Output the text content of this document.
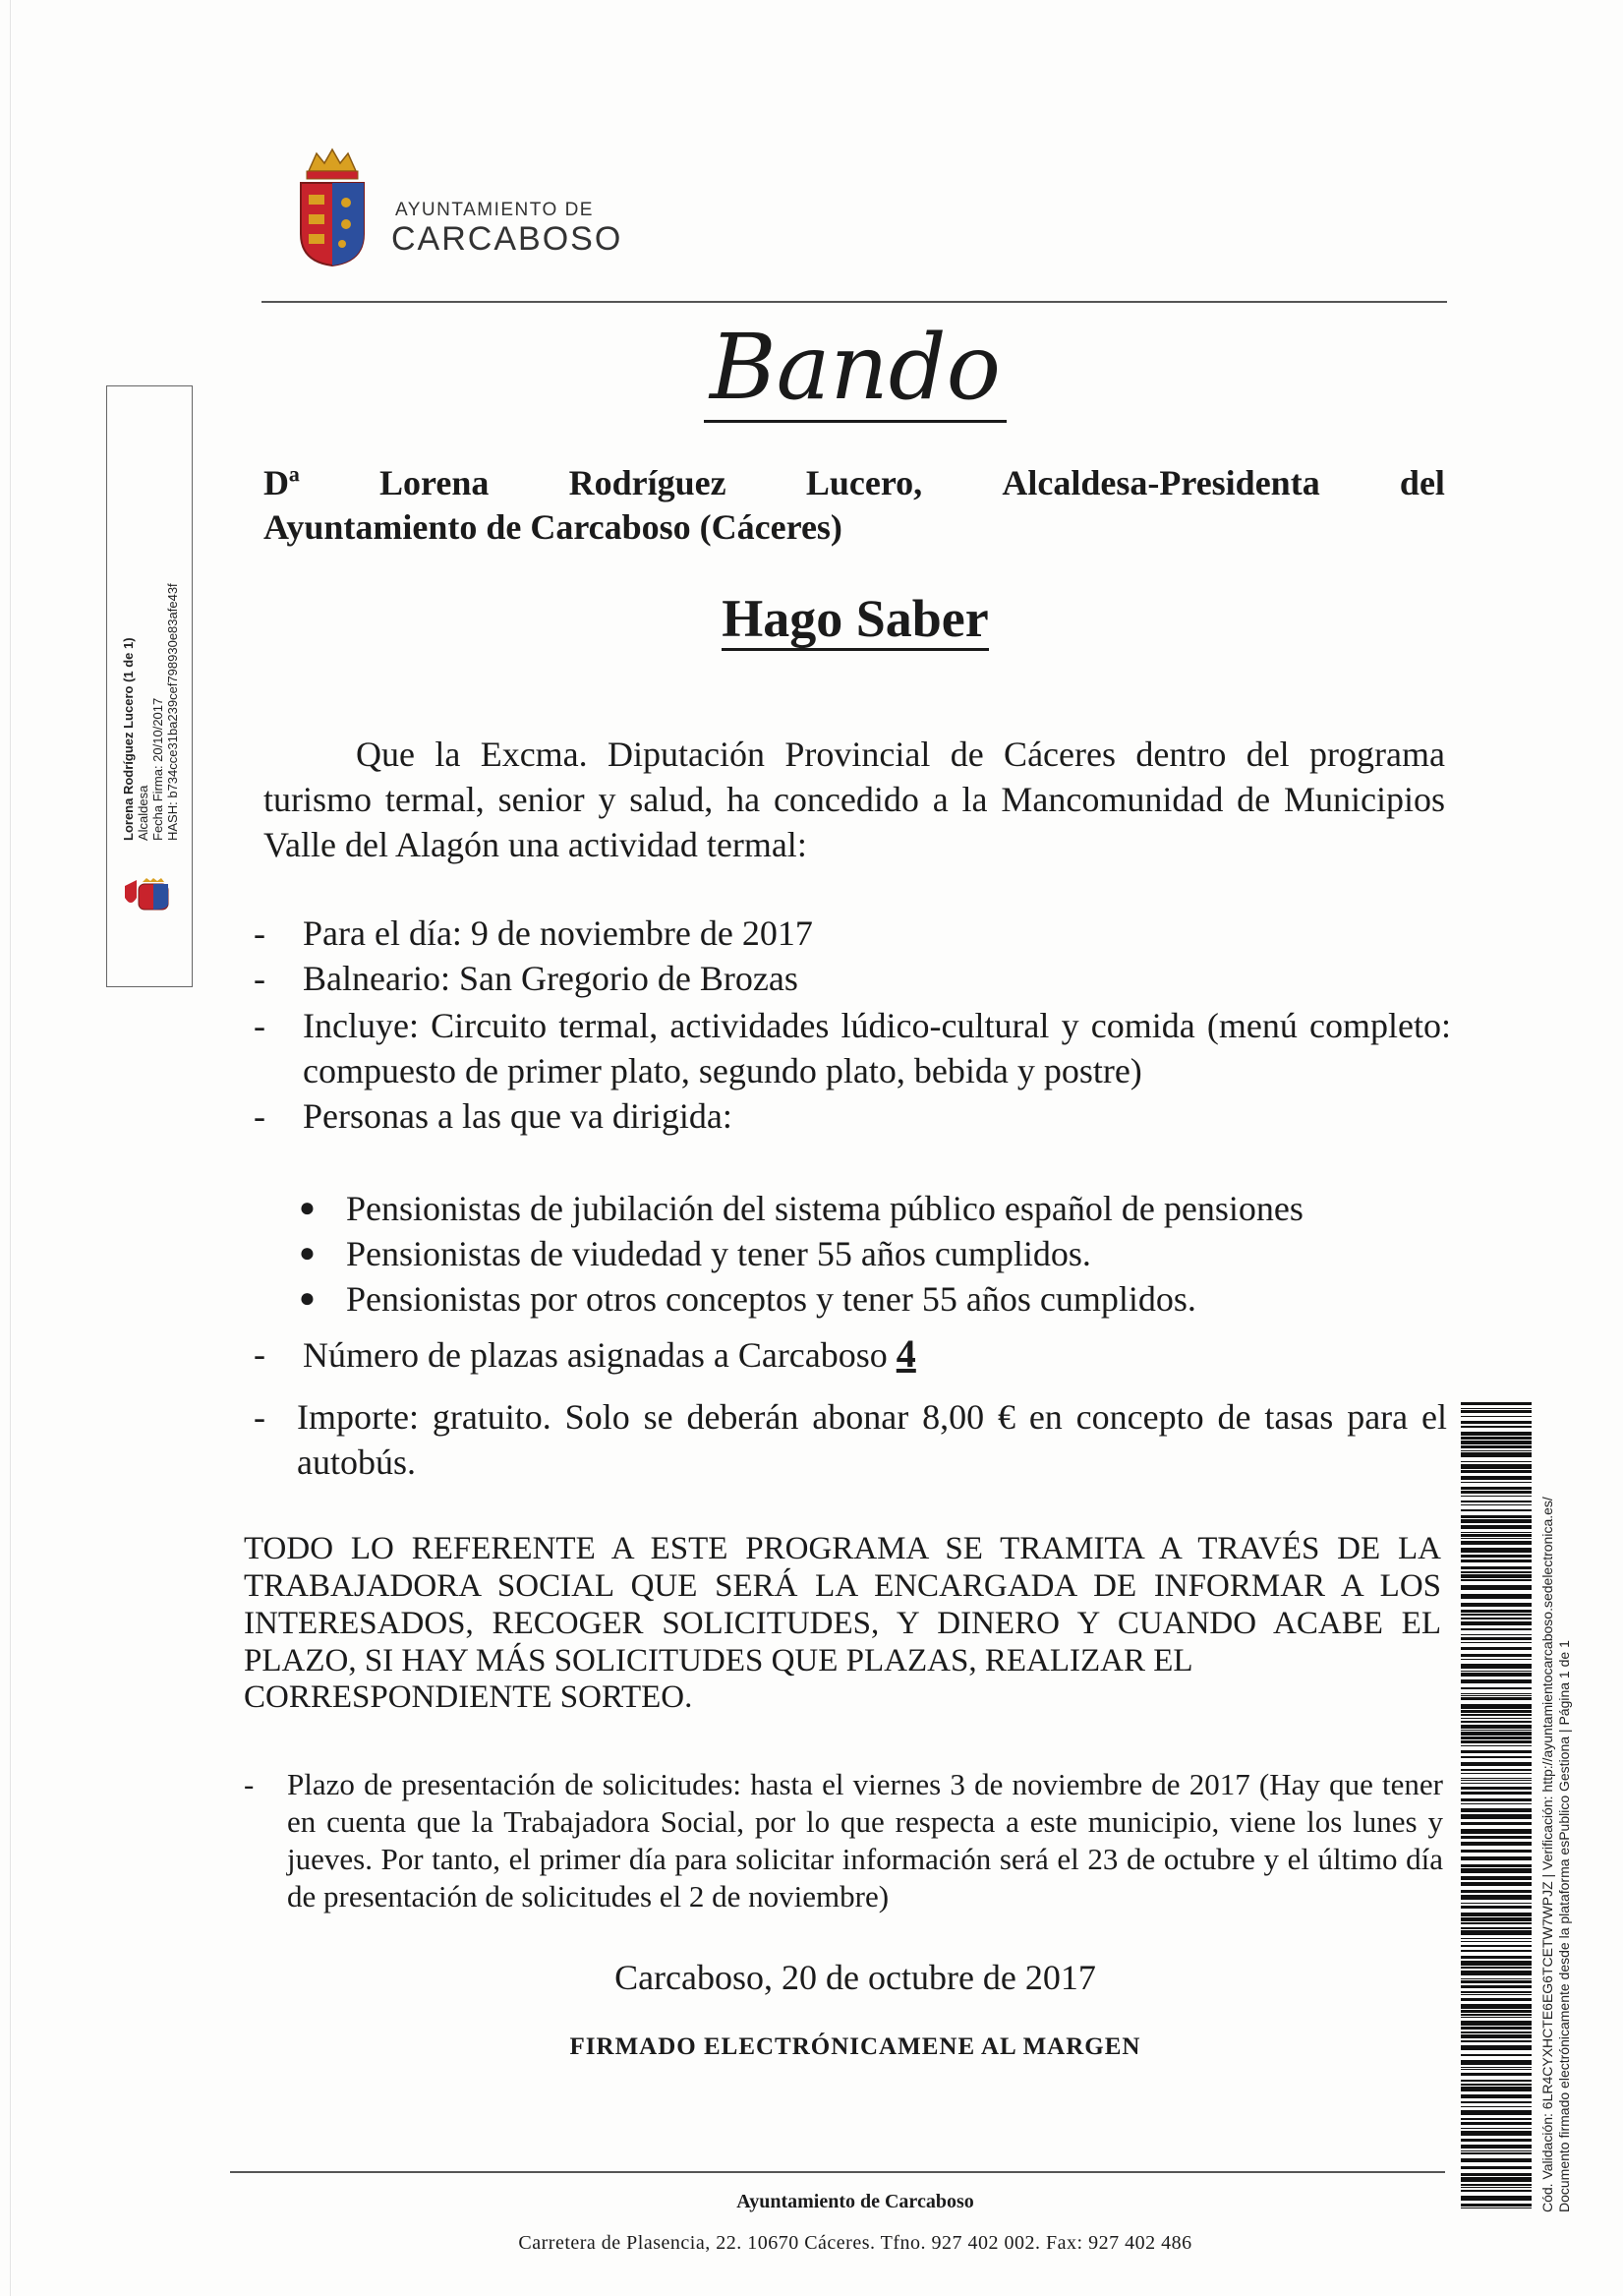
AYUNTAMIENTO DE
CARCABOSO
Bando
Dª Lorena Rodríguez Lucero, Alcaldesa-Presidenta del
Ayuntamiento de Carcaboso (Cáceres)
Hago Saber
Que la Excma. Diputación Provincial de Cáceres dentro del programa turismo termal, senior y salud, ha concedido a la Mancomunidad de Municipios Valle del Alagón una actividad termal:
- Para el día: 9 de noviembre de 2017
- Balneario: San Gregorio de Brozas
- Incluye: Circuito termal, actividades lúdico-cultural y comida (menú completo: compuesto de primer plato, segundo plato, bebida y postre)
- Personas a las que va dirigida:
● Pensionistas de jubilación del sistema público español de pensiones
● Pensionistas de viudedad y tener 55 años cumplidos.
● Pensionistas por otros conceptos y tener 55 años cumplidos.
- Número de plazas asignadas a Carcaboso 4
- Importe: gratuito. Solo se deberán abonar 8,00 € en concepto de tasas para el autobús.
TODO LO REFERENTE A ESTE PROGRAMA SE TRAMITA A TRAVÉS DE LA TRABAJADORA SOCIAL QUE SERÁ LA ENCARGADA DE INFORMAR A LOS INTERESADOS, RECOGER SOLICITUDES, Y DINERO Y CUANDO ACABE EL PLAZO, SI HAY MÁS SOLICITUDES QUE PLAZAS, REALIZAR EL
CORRESPONDIENTE SORTEO.
- Plazo de presentación de solicitudes: hasta el viernes 3 de noviembre de 2017 (Hay que tener en cuenta que la Trabajadora Social, por lo que respecta a este municipio, viene los lunes y jueves. Por tanto, el primer día para solicitar información será el 23 de octubre y el último día de presentación de solicitudes el 2 de noviembre)
Carcaboso, 20 de octubre de 2017
FIRMADO ELECTRÓNICAMENE AL MARGEN
Ayuntamiento de Carcaboso
Carretera de Plasencia, 22. 10670 Cáceres. Tfno. 927 402 002. Fax: 927 402 486
Lorena Rodríguez Lucero (1 de 1) Alcaldesa Fecha Firma: 20/10/2017 HASH: b734cce31ba239cef798930e83afe43f
Cód. Validación: 6LR4CYXHCTE6EG6TCETW7WPJZ | Verificación: http://ayuntamientocarcaboso.sedelectronica.es/ Documento firmado electrónicamente desde la plataforma esPublico Gestiona | Página 1 de 1
